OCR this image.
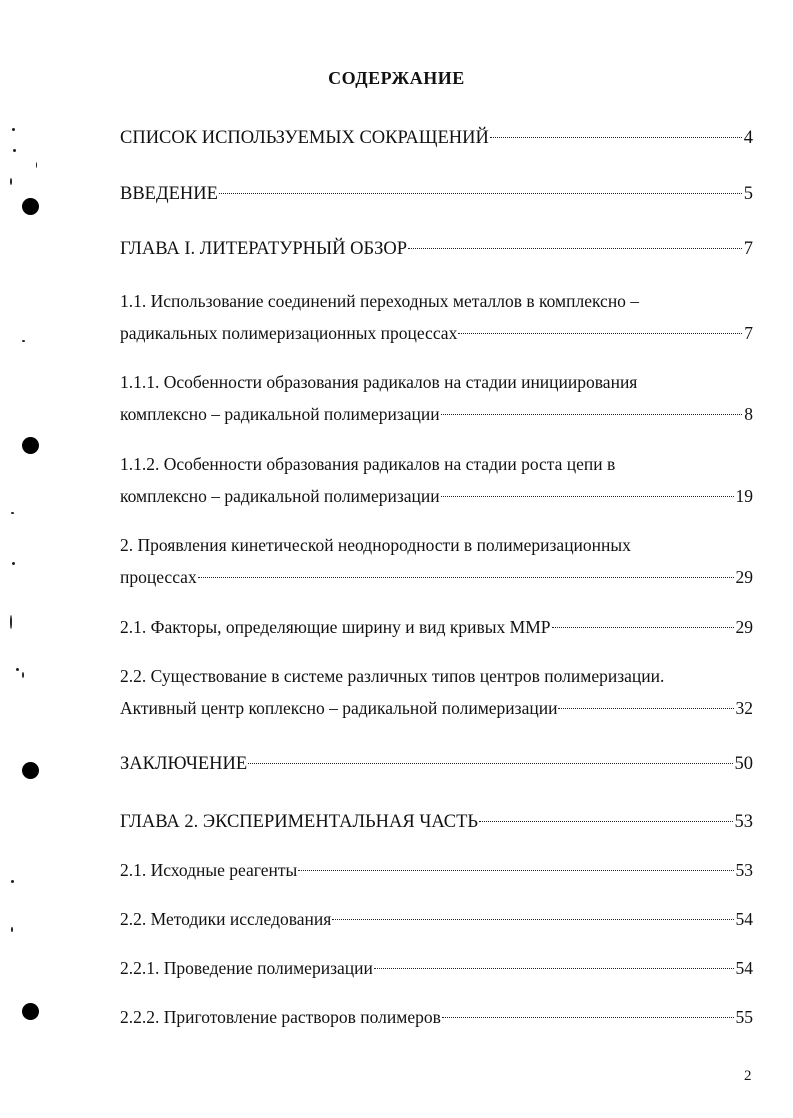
СОДЕРЖАНИЕ
СПИСОК ИСПОЛЬЗУЕМЫХ СОКРАЩЕНИЙ	4
ВВЕДЕНИЕ	5
ГЛАВА I. ЛИТЕРАТУРНЫЙ ОБЗОР	7
1.1. Использование соединений переходных металлов в комплексно –
радикальных полимеризационных процессах	7
1.1.1. Особенности образования радикалов на стадии инициирования
комплексно – радикальной полимеризации	8
1.1.2. Особенности образования радикалов на стадии роста цепи в
комплексно – радикальной полимеризации	19
2. Проявления кинетической неоднородности в полимеризационных
процессах	29
2.1. Факторы, определяющие ширину и вид кривых ММР	29
2.2. Существование в системе различных типов центров полимеризации.
Активный центр коплексно – радикальной полимеризации	32
ЗАКЛЮЧЕНИЕ	50
ГЛАВА 2. ЭКСПЕРИМЕНТАЛЬНАЯ ЧАСТЬ	53
2.1. Исходные реагенты	53
2.2. Методики исследования	54
2.2.1. Проведение полимеризации	54
2.2.2. Приготовление растворов полимеров	55
2
